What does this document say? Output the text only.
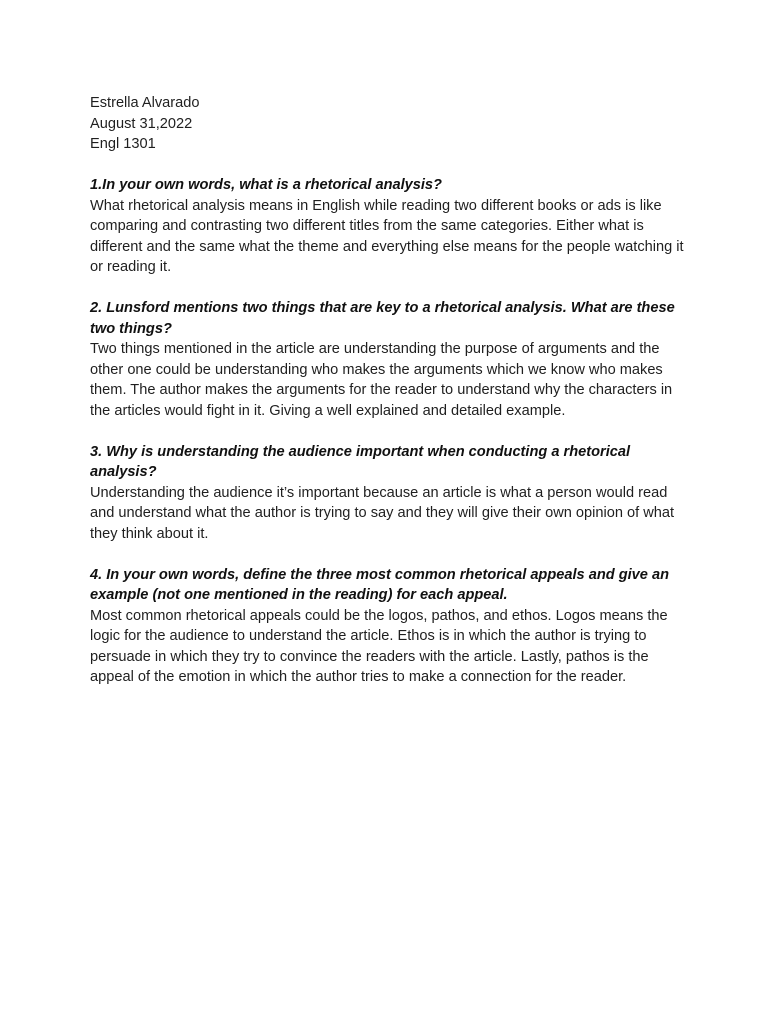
Estrella Alvarado
August 31,2022
Engl 1301

1.In your own words, what is a rhetorical analysis?

What rhetorical analysis means in English while reading two different books or ads is like comparing and contrasting two different titles from the same categories. Either what is different and the same what the theme and everything else means for the people watching it or reading it.

2. Lunsford mentions two things that are key to a rhetorical analysis. What are these two things?

Two things mentioned in the article are understanding the purpose of arguments and the other one could be understanding who makes the arguments which we know who makes them. The author makes the arguments for the reader to understand why the characters in the articles would fight in it. Giving a well explained and detailed example.

3. Why is understanding the audience important when conducting a rhetorical analysis?

Understanding the audience it’s important because an article is what a person would read and understand what the author is trying to say and they will give their own opinion of what they think about it.

4. In your own words, define the three most common rhetorical appeals and give an example (not one mentioned in the reading) for each appeal.

Most common rhetorical appeals could be the logos, pathos, and ethos. Logos means the logic for the audience to understand the article. Ethos is in which the author is trying to persuade in which they try to convince the readers with the article. Lastly, pathos is the appeal of the emotion in which the author tries to make a connection for the reader.
